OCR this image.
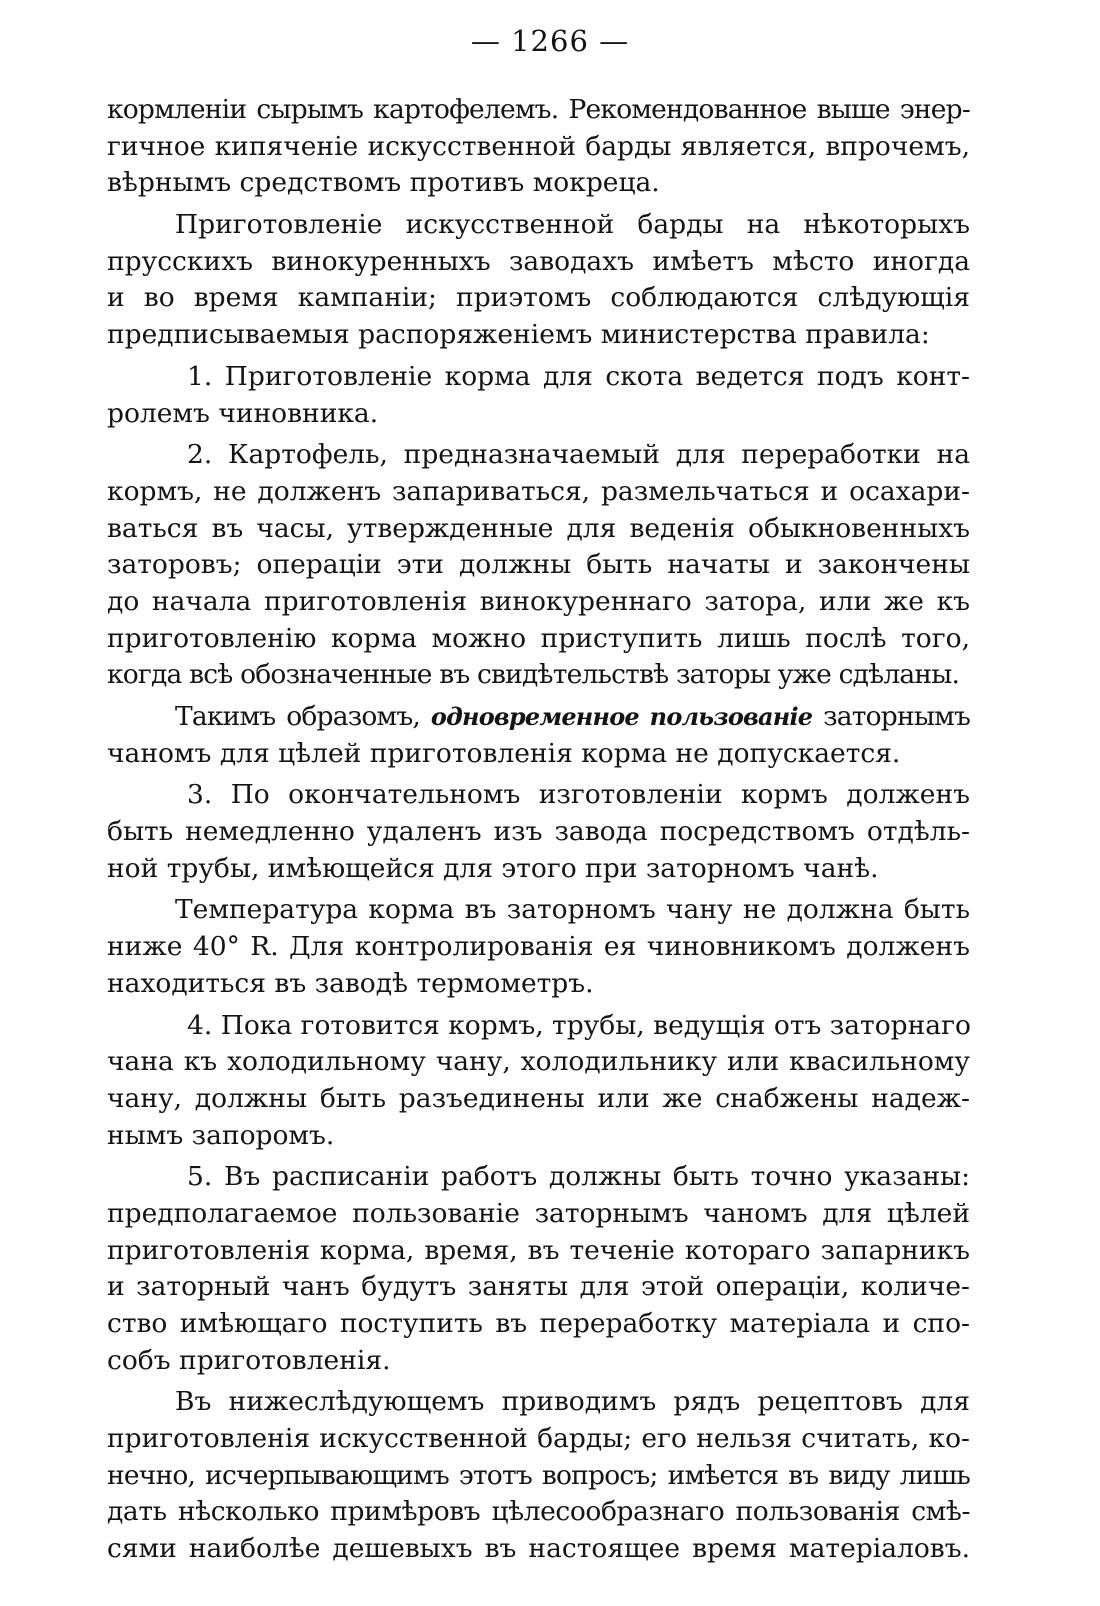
— 1266 —
кормленіи сырымъ картофелемъ. Рекомендованное выше энер-
гичное кипяченіе искусственной барды является, впрочемъ,
вѣрнымъ средствомъ противъ мокреца.
Приготовленіе искусственной барды на нѣкоторыхъ
прусскихъ винокуренныхъ заводахъ имѣетъ мѣсто иногда
и во время кампаніи; приэтомъ соблюдаются слѣдующія
предписываемыя распоряженіемъ министерства правила:
1. Приготовленіе корма для скота ведется подъ конт-
ролемъ чиновника.
2. Картофель, предназначаемый для переработки на
кормъ, не долженъ запариваться, размельчаться и осахари-
ваться въ часы, утвержденные для веденія обыкновенныхъ
заторовъ; операціи эти должны быть начаты и закончены
до начала приготовленія винокуреннаго затора, или же къ
приготовленію корма можно приступить лишь послѣ того,
когда всѣ обозначенные въ свидѣтельствѣ заторы уже сдѣланы.
Такимъ образомъ, одновременное пользованіе заторнымъ
чаномъ для цѣлей приготовленія корма не допускается.
3. По окончательномъ изготовленіи кормъ долженъ
быть немедленно удаленъ изъ завода посредствомъ отдѣль-
ной трубы, имѣющейся для этого при заторномъ чанѣ.
Температура корма въ заторномъ чану не должна быть
ниже 40° R. Для контролированія ея чиновникомъ долженъ
находиться въ заводѣ термометръ.
4. Пока готовится кормъ, трубы, ведущія отъ заторнаго
чана къ холодильному чану, холодильнику или квасильному
чану, должны быть разъединены или же снабжены надеж-
нымъ запоромъ.
5. Въ расписаніи работъ должны быть точно указаны:
предполагаемое пользованіе заторнымъ чаномъ для цѣлей
приготовленія корма, время, въ теченіе котораго запарникъ
и заторный чанъ будутъ заняты для этой операціи, количе-
ство имѣющаго поступить въ переработку матеріала и спо-
собъ приготовленія.
Въ нижеслѣдующемъ приводимъ рядъ рецептовъ для
приготовленія искусственной барды; его нельзя считать, ко-
нечно, исчерпывающимъ этотъ вопросъ; имѣется въ виду лишь
дать нѣсколько примѣровъ цѣлесообразнаго пользованія смѣ-
сями наиболѣе дешевыхъ въ настоящее время матеріаловъ.
